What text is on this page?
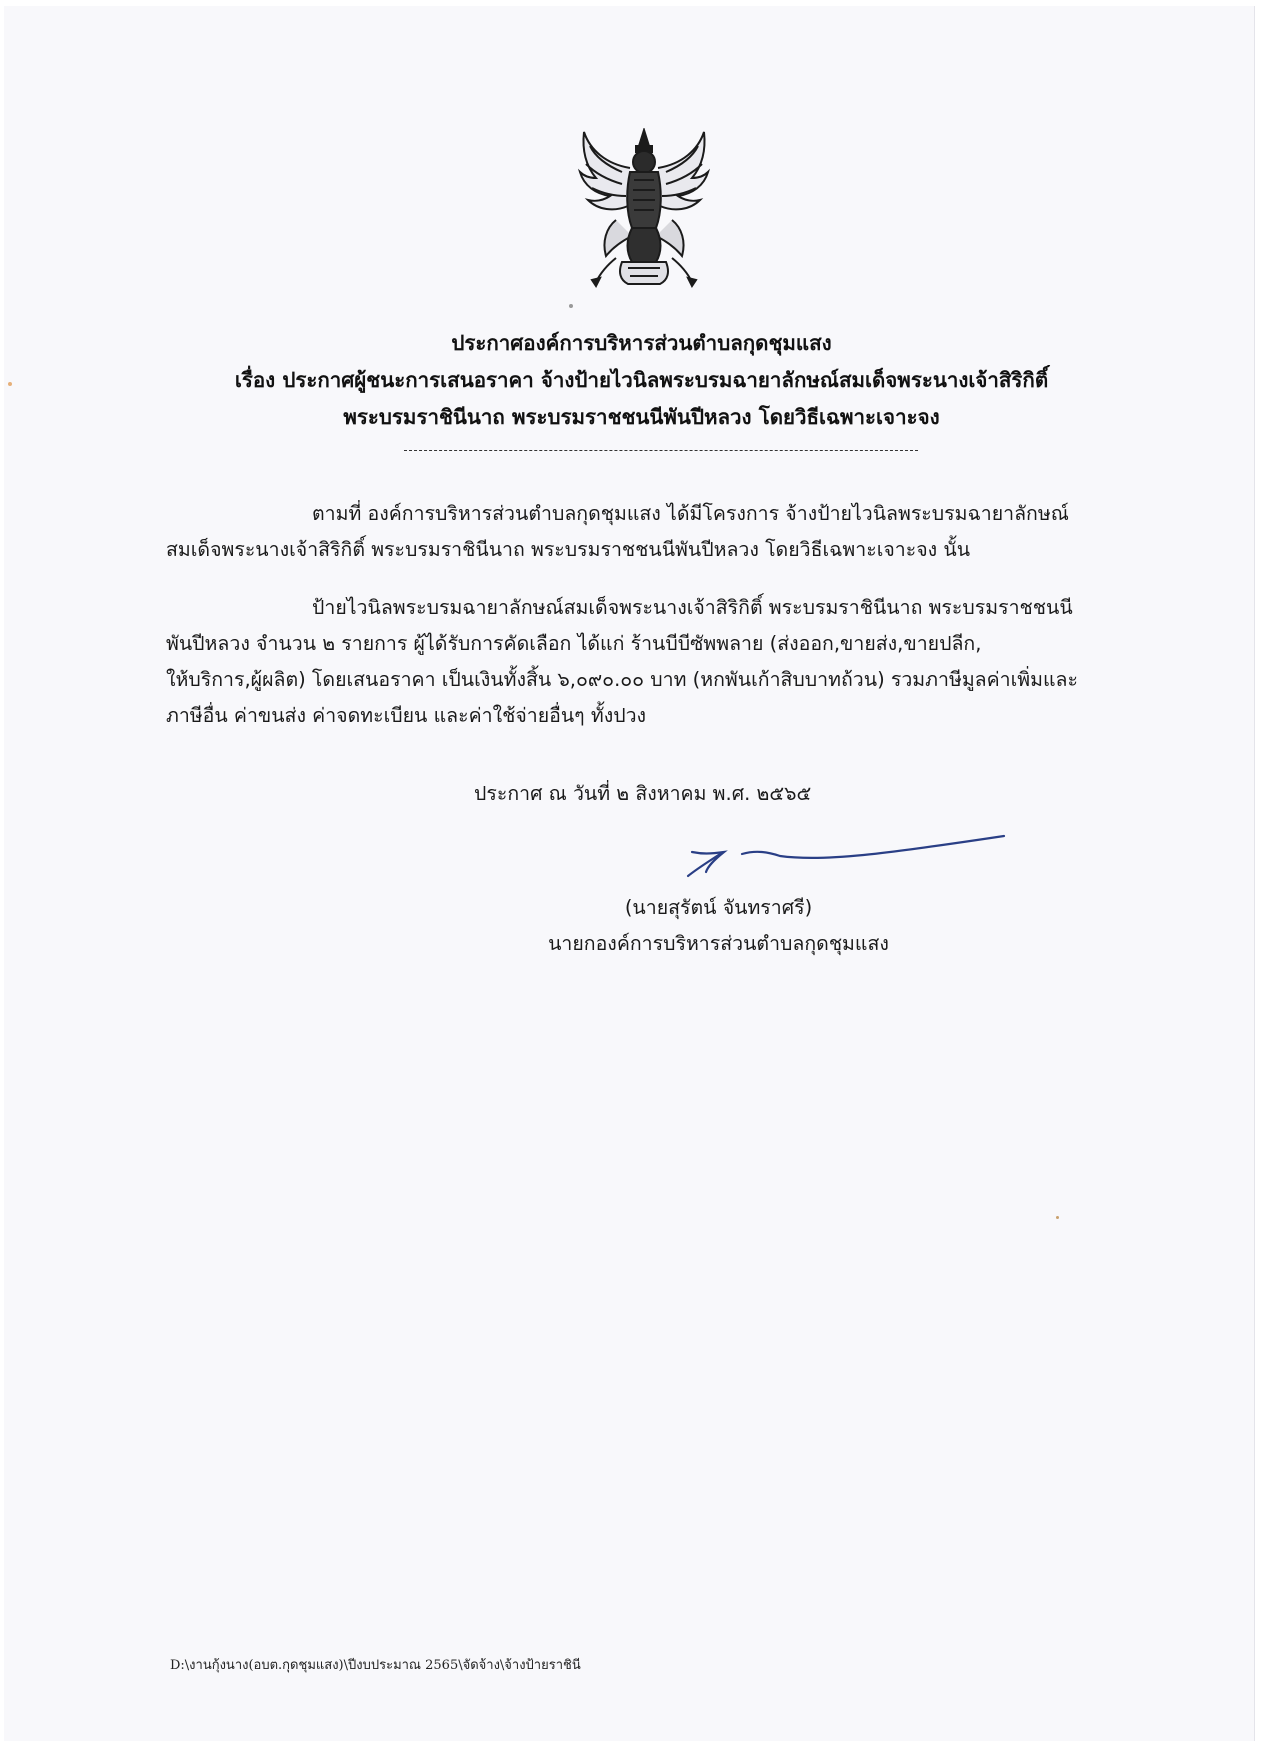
ประกาศองค์การบริหารส่วนตำบลกุดชุมแสง
เรื่อง ประกาศผู้ชนะการเสนอราคา จ้างป้ายไวนิลพระบรมฉายาลักษณ์สมเด็จพระนางเจ้าสิริกิติ์
พระบรมราชินีนาถ พระบรมราชชนนีพันปีหลวง โดยวิธีเฉพาะเจาะจง
ตามที่ องค์การบริหารส่วนตำบลกุดชุมแสง ได้มีโครงการ จ้างป้ายไวนิลพระบรมฉายาลักษณ์
สมเด็จพระนางเจ้าสิริกิติ์ พระบรมราชินีนาถ พระบรมราชชนนีพันปีหลวง โดยวิธีเฉพาะเจาะจง นั้น
ป้ายไวนิลพระบรมฉายาลักษณ์สมเด็จพระนางเจ้าสิริกิติ์ พระบรมราชินีนาถ พระบรมราชชนนี
พันปีหลวง จำนวน ๒ รายการ ผู้ได้รับการคัดเลือก ได้แก่ ร้านบีบีซัพพลาย (ส่งออก,ขายส่ง,ขายปลีก,
ให้บริการ,ผู้ผลิต) โดยเสนอราคา เป็นเงินทั้งสิ้น ๖,๐๙๐.๐๐ บาท (หกพันเก้าสิบบาทถ้วน) รวมภาษีมูลค่าเพิ่มและ
ภาษีอื่น ค่าขนส่ง ค่าจดทะเบียน และค่าใช้จ่ายอื่นๆ ทั้งปวง
ประกาศ ณ วันที่ ๒ สิงหาคม พ.ศ. ๒๕๖๕
(นายสุรัตน์ จันทราศรี)
นายกองค์การบริหารส่วนตำบลกุดชุมแสง
D:\งานกุ้งนาง(อบต.กุดชุมแสง)\ปีงบประมาณ 2565\จัดจ้าง\จ้างป้ายราชินี
